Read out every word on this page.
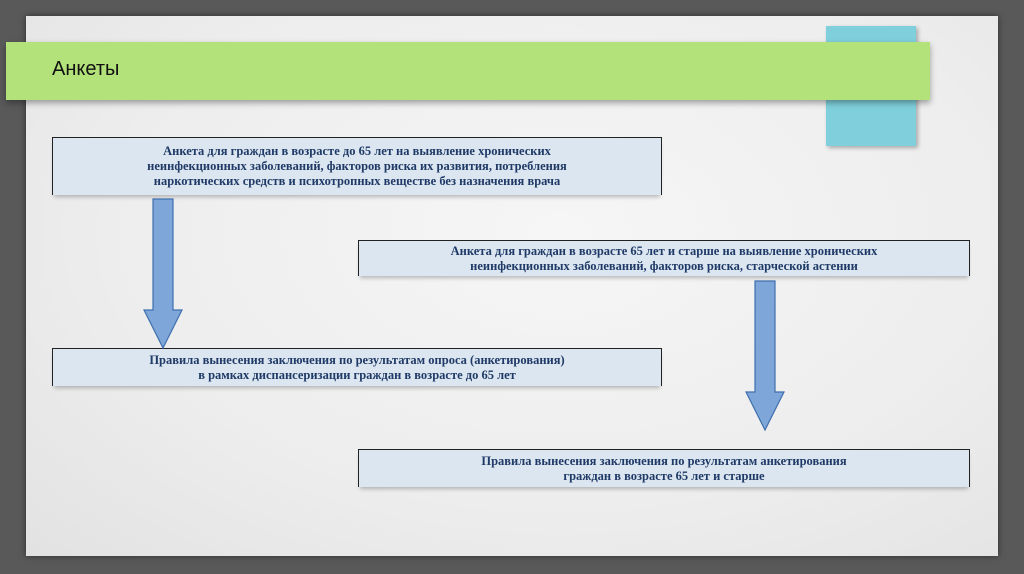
Анкеты
Анкета для граждан в возрасте до 65 лет на выявление хронических
неинфекционных заболеваний, факторов риска их развития, потребления
наркотических средств и психотропных веществе без назначения врача
Анкета для граждан в возрасте 65 лет и старше на выявление хронических
неинфекционных заболеваний, факторов риска, старческой астении
Правила вынесения заключения по результатам опроса (анкетирования)
в рамках диспансеризации граждан в возрасте до 65 лет
Правила вынесения заключения по результатам анкетирования
граждан в возрасте 65 лет и старше
